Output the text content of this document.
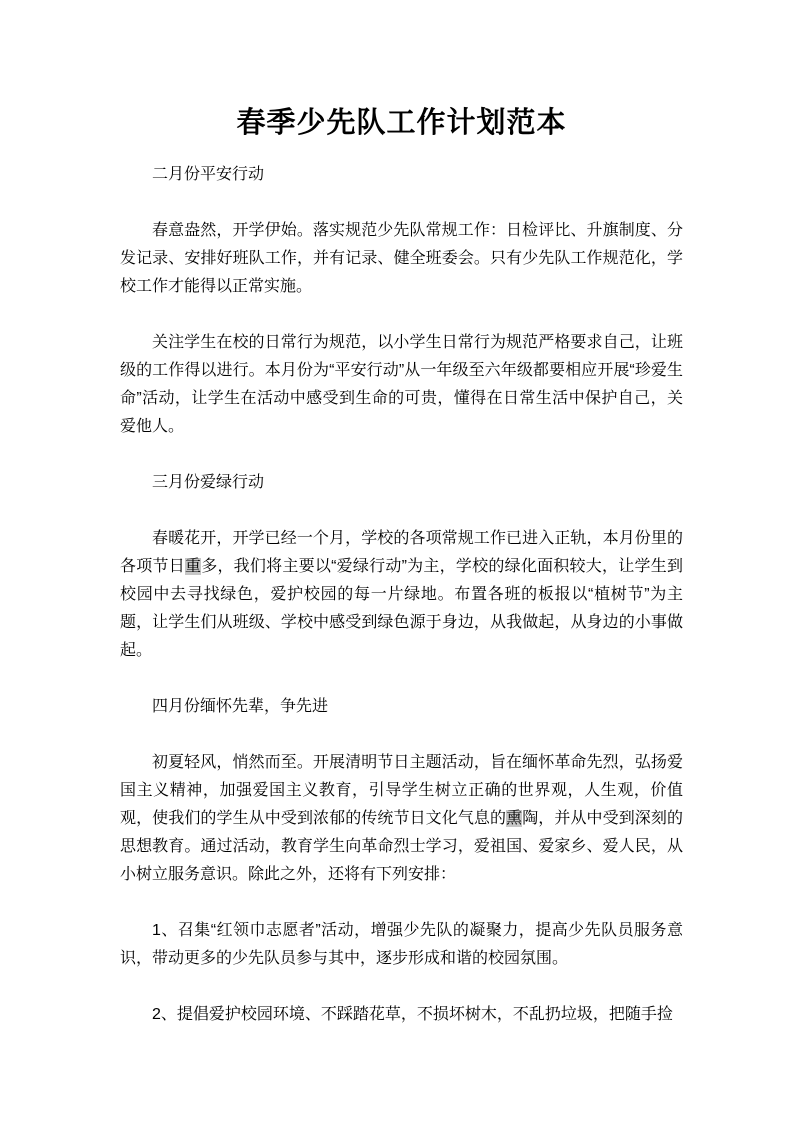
春季少先队工作计划范本

二月份平安行动

春意盎然，开学伊始。落实规范少先队常规工作：日检评比、升旗制度、分发记录、安排好班队工作，并有记录、健全班委会。只有少先队工作规范化，学校工作才能得以正常实施。

关注学生在校的日常行为规范，以小学生日常行为规范严格要求自己，让班级的工作得以进行。本月份为“平安行动”从一年级至六年级都要相应开展“珍爱生命”活动，让学生在活动中感受到生命的可贵，懂得在日常生活中保护自己，关爱他人。

三月份爱绿行动

春暖花开，开学已经一个月，学校的各项常规工作已进入正轨，本月份里的各项节日重多，我们将主要以“爱绿行动”为主，学校的绿化面积较大，让学生到校园中去寻找绿色，爱护校园的每一片绿地。布置各班的板报以“植树节”为主题，让学生们从班级、学校中感受到绿色源于身边，从我做起，从身边的小事做起。

四月份缅怀先辈，争先进

初夏轻风，悄然而至。开展清明节日主题活动，旨在缅怀革命先烈，弘扬爱国主义精神，加强爱国主义教育，引导学生树立正确的世界观，人生观，价值观，使我们的学生从中受到浓郁的传统节日文化气息的熏陶，并从中受到深刻的思想教育。通过活动，教育学生向革命烈士学习，爱祖国、爱家乡、爱人民，从小树立服务意识。除此之外，还将有下列安排：

1、召集“红领巾志愿者”活动，增强少先队的凝聚力，提高少先队员服务意识，带动更多的少先队员参与其中，逐步形成和谐的校园氛围。

2、提倡爱护校园环境、不踩踏花草，不损坏树木，不乱扔垃圾，把随手捡
